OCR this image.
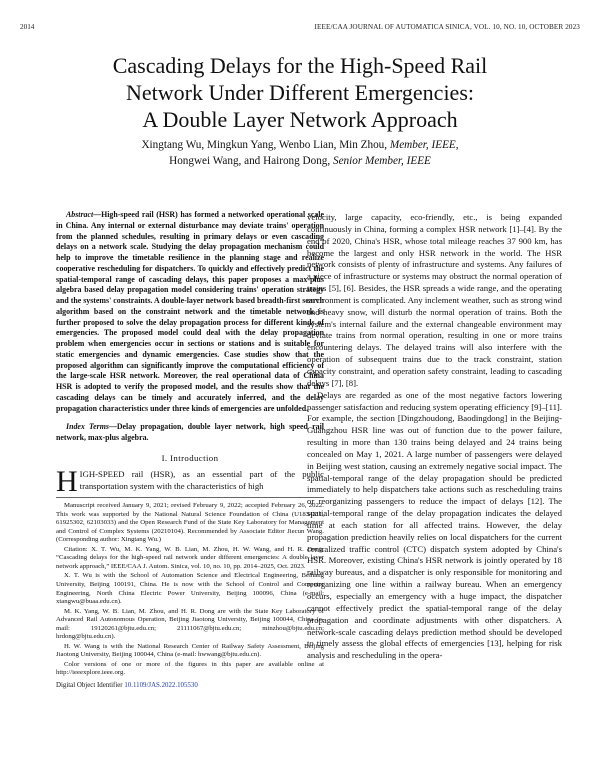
2014	IEEE/CAA JOURNAL OF AUTOMATICA SINICA, VOL. 10, NO. 10, OCTOBER 2023
Cascading Delays for the High-Speed Rail
Network Under Different Emergencies:
A Double Layer Network Approach
Xingtang Wu, Mingkun Yang, Wenbo Lian, Min Zhou, Member, IEEE,
Hongwei Wang, and Hairong Dong, Senior Member, IEEE

Abstract—High-speed rail (HSR) has formed a networked operational scale in China. Any internal or external disturbance may deviate trains' operation from the planned schedules, resulting in primary delays or even cascading delays on a network scale. Studying the delay propagation mechanism could help to improve the timetable resilience in the planning stage and realize cooperative rescheduling for dispatchers. To quickly and effectively predict the spatial-temporal range of cascading delays, this paper proposes a max-plus algebra based delay propagation model considering trains' operation strategy and the systems' constraints. A double-layer network based breadth-first search algorithm based on the constraint network and the timetable network is further proposed to solve the delay propagation process for different kinds of emergencies. The proposed model could deal with the delay propagation problem when emergencies occur in sections or stations and is suitable for static emergencies and dynamic emergencies. Case studies show that the proposed algorithm can significantly improve the computational efficiency of the large-scale HSR network. Moreover, the real operational data of China HSR is adopted to verify the proposed model, and the results show that the cascading delays can be timely and accurately inferred, and the delay propagation characteristics under three kinds of emergencies are unfolded.

Index Terms—Delay propagation, double layer network, high speed rail network, max-plus algebra.

I. Introduction

HIGH-SPEED rail (HSR), as an essential part of the public transportation system with the characteristics of high

Manuscript received January 9, 2021; revised February 9, 2022; accepted February 26, 2022. This work was supported by the National Natural Science Foundation of China (U1834211, 61925302, 62103033) and the Open Research Fund of the State Key Laboratory for Management and Control of Complex Systems (20210104). Recommended by Associate Editor Jiecun Wang. (Corresponding author: Xingtang Wu.)

Citation: X. T. Wu, M. K. Yang, W. B. Lian, M. Zhou, H. W. Wang, and H. R. Dong, “Cascading delays for the high-speed rail network under different emergencies: A double layer network approach,” IEEE/CAA J. Autom. Sinica, vol. 10, no. 10, pp. 2014–2025, Oct. 2023.

X. T. Wu is with the School of Automation Science and Electrical Engineering, Beihang University, Beijing 100191, China. He is now with the School of Control and Computer Engineering, North China Electric Power University, Beijing 100096, China (e-mail: xtangwu@buaa.edu.cn).

M. K. Yang, W. B. Lian, M. Zhou, and H. R. Dong are with the State Key Laboratory of Advanced Rail Autonomous Operation, Beijing Jiaotong University, Beijing 100044, China (e-mail: 19120261@bjtu.edu.cn; 21111067@bjtu.edu.cn; minzhou@bjtu.edu.cn; hrdong@bjtu.edu.cn).

H. W. Wang is with the National Research Center of Railway Safety Assessment, Beijing Jiaotong University, Beijing 100044, China (e-mail: hwwang@bjtu.edu.cn).

Color versions of one or more of the figures in this paper are available online at http://ieeexplore.ieee.org.

Digital Object Identifier 10.1109/JAS.2022.105530

velocity, large capacity, eco-friendly, etc., is being expanded continuously in China, forming a complex HSR network [1]–[4]. By the end of 2020, China's HSR, whose total mileage reaches 37 900 km, has become the largest and only HSR network in the world. The HSR network consists of plenty of infrastructure and systems. Any failures of a piece of infrastructure or systems may obstruct the normal operation of trains [5], [6]. Besides, the HSR spreads a wide range, and the operating environment is complicated. Any inclement weather, such as strong wind and heavy snow, will disturb the normal operation of trains. Both the system's internal failure and the external changeable environment may deviate trains from normal operation, resulting in one or more trains encountering delays. The delayed trains will also interfere with the operation of subsequent trains due to the track constraint, station capacity constraint, and operation safety constraint, leading to cascading delays [7], [8].

Delays are regarded as one of the most negative factors lowering passenger satisfaction and reducing system operating efficiency [9]–[11]. For example, the section [Dingzhoudong, Baodingdong] in the Beijing-Guangzhou HSR line was out of function due to the power failure, resulting in more than 130 trains being delayed and 24 trains being concealed on May 1, 2021. A large number of passengers were delayed in Beijing west station, causing an extremely negative social impact. The spatial-temporal range of the delay propagation should be predicted immediately to help dispatchers take actions such as rescheduling trains or reorganizing passengers to reduce the impact of delays [12]. The spatial-temporal range of the delay propagation indicates the delayed time at each station for all affected trains. However, the delay propagation prediction heavily relies on local dispatchers for the current centralized traffic control (CTC) dispatch system adopted by China's HSR. Moreover, existing China's HSR network is jointly operated by 18 railway bureaus, and a dispatcher is only responsible for monitoring and reorganizing one line within a railway bureau. When an emergency occurs, especially an emergency with a huge impact, the dispatcher cannot effectively predict the spatial-temporal range of the delay propagation and coordinate adjustments with other dispatchers. A network-scale cascading delays prediction method should be developed to timely assess the global effects of emergencies [13], helping for risk analysis and rescheduling in the opera-
